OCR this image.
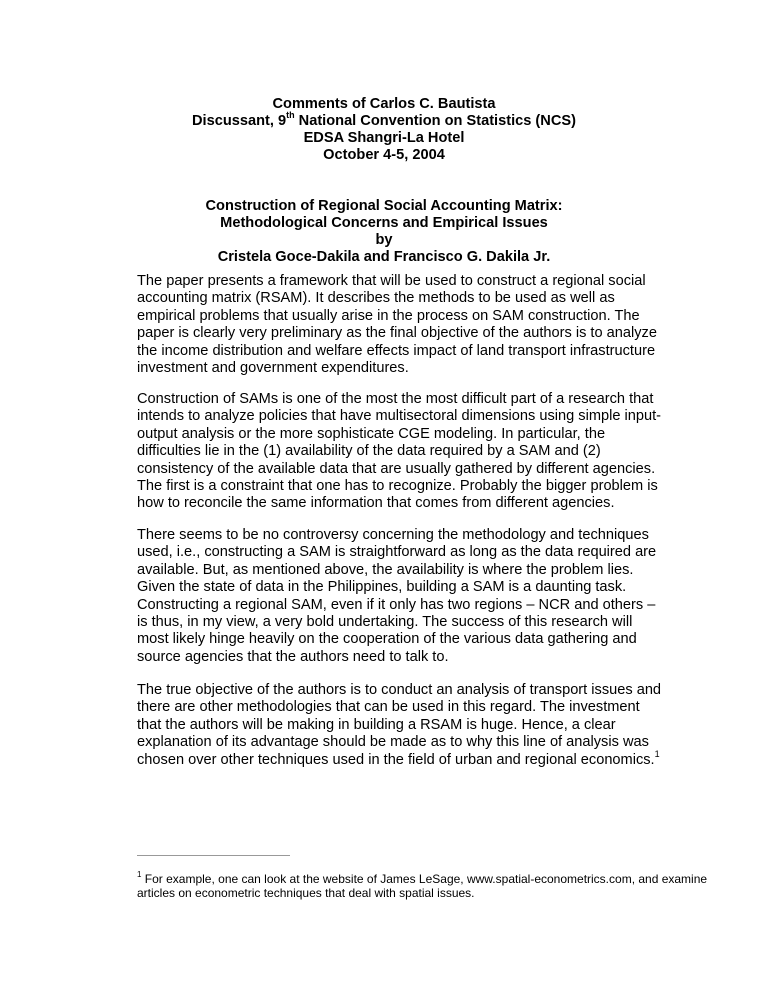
Comments of Carlos C. Bautista
Discussant, 9th National Convention on Statistics (NCS)
EDSA Shangri-La Hotel
October 4-5, 2004
Construction of Regional Social Accounting Matrix:
Methodological Concerns and Empirical Issues
by
Cristela Goce-Dakila and Francisco G. Dakila Jr.
The paper presents a framework that will be used to construct a regional social
accounting matrix (RSAM). It describes the methods to be used as well as
empirical problems that usually arise in the process on SAM construction. The
paper is clearly very preliminary as the final objective of the authors is to analyze
the income distribution and welfare effects impact of land transport infrastructure
investment and government expenditures.
Construction of SAMs is one of the most the most difficult part of a research that
intends to analyze policies that have multisectoral dimensions using simple input-
output analysis or the more sophisticate CGE modeling. In particular, the
difficulties lie in the (1) availability of the data required by a SAM and (2)
consistency of the available data that are usually gathered by different agencies.
The first is a constraint that one has to recognize. Probably the bigger problem is
how to reconcile the same information that comes from different agencies.
There seems to be no controversy concerning the methodology and techniques
used, i.e., constructing a SAM is straightforward as long as the data required are
available. But, as mentioned above, the availability is where the problem lies.
Given the state of data in the Philippines, building a SAM is a daunting task.
Constructing a regional SAM, even if it only has two regions – NCR and others –
is thus, in my view, a very bold undertaking. The success of this research will
most likely hinge heavily on the cooperation of the various data gathering and
source agencies that the authors need to talk to.
The true objective of the authors is to conduct an analysis of transport issues and
there are other methodologies that can be used in this regard. The investment
that the authors will be making in building a RSAM is huge. Hence, a clear
explanation of its advantage should be made as to why this line of analysis was
chosen over other techniques used in the field of urban and regional economics.$^1$
$^1$ For example, one can look at the website of James LeSage, www.spatial-econometrics.com, and examine
articles on econometric techniques that deal with spatial issues.
